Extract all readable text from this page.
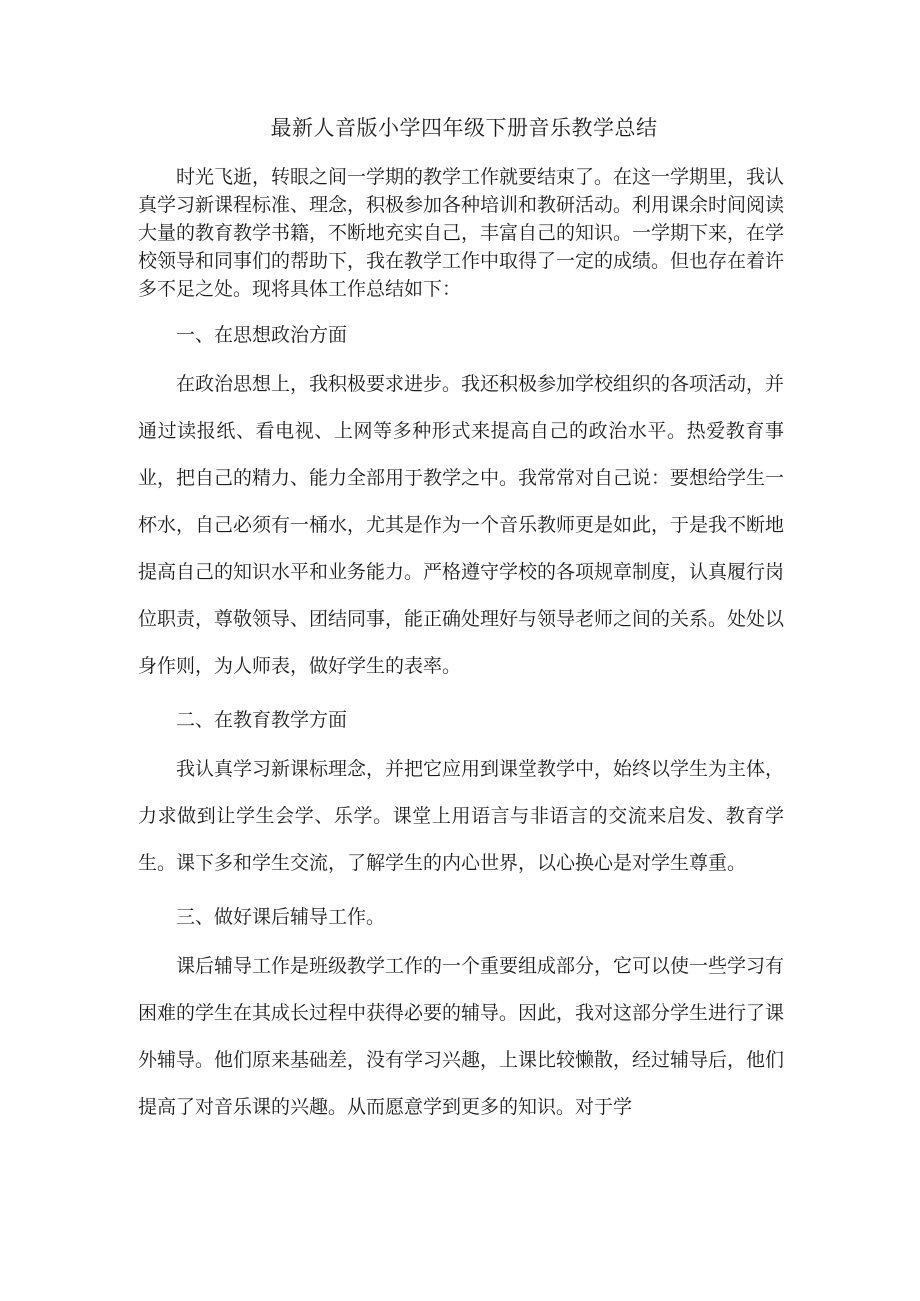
最新人音版小学四年级下册音乐教学总结

时光飞逝，转眼之间一学期的教学工作就要结束了。在这一学期里，我认真学习新课程标准、理念，积极参加各种培训和教研活动。利用课余时间阅读大量的教育教学书籍，不断地充实自己，丰富自己的知识。一学期下来，在学校领导和同事们的帮助下，我在教学工作中取得了一定的成绩。但也存在着许多不足之处。现将具体工作总结如下：

一、在思想政治方面

在政治思想上，我积极要求进步。我还积极参加学校组织的各项活动，并通过读报纸、看电视、上网等多种形式来提高自己的政治水平。热爱教育事业，把自己的精力、能力全部用于教学之中。我常常对自己说：要想给学生一杯水，自己必须有一桶水，尤其是作为一个音乐教师更是如此，于是我不断地提高自己的知识水平和业务能力。严格遵守学校的各项规章制度，认真履行岗位职责，尊敬领导、团结同事，能正确处理好与领导老师之间的关系。处处以身作则，为人师表，做好学生的表率。

二、在教育教学方面

我认真学习新课标理念，并把它应用到课堂教学中，始终以学生为主体，力求做到让学生会学、乐学。课堂上用语言与非语言的交流来启发、教育学生。课下多和学生交流，了解学生的内心世界，以心换心是对学生尊重。

三、做好课后辅导工作。

课后辅导工作是班级教学工作的一个重要组成部分，它可以使一些学习有困难的学生在其成长过程中获得必要的辅导。因此，我对这部分学生进行了课外辅导。他们原来基础差，没有学习兴趣，上课比较懒散，经过辅导后，他们提高了对音乐课的兴趣。从而愿意学到更多的知识。对于学
